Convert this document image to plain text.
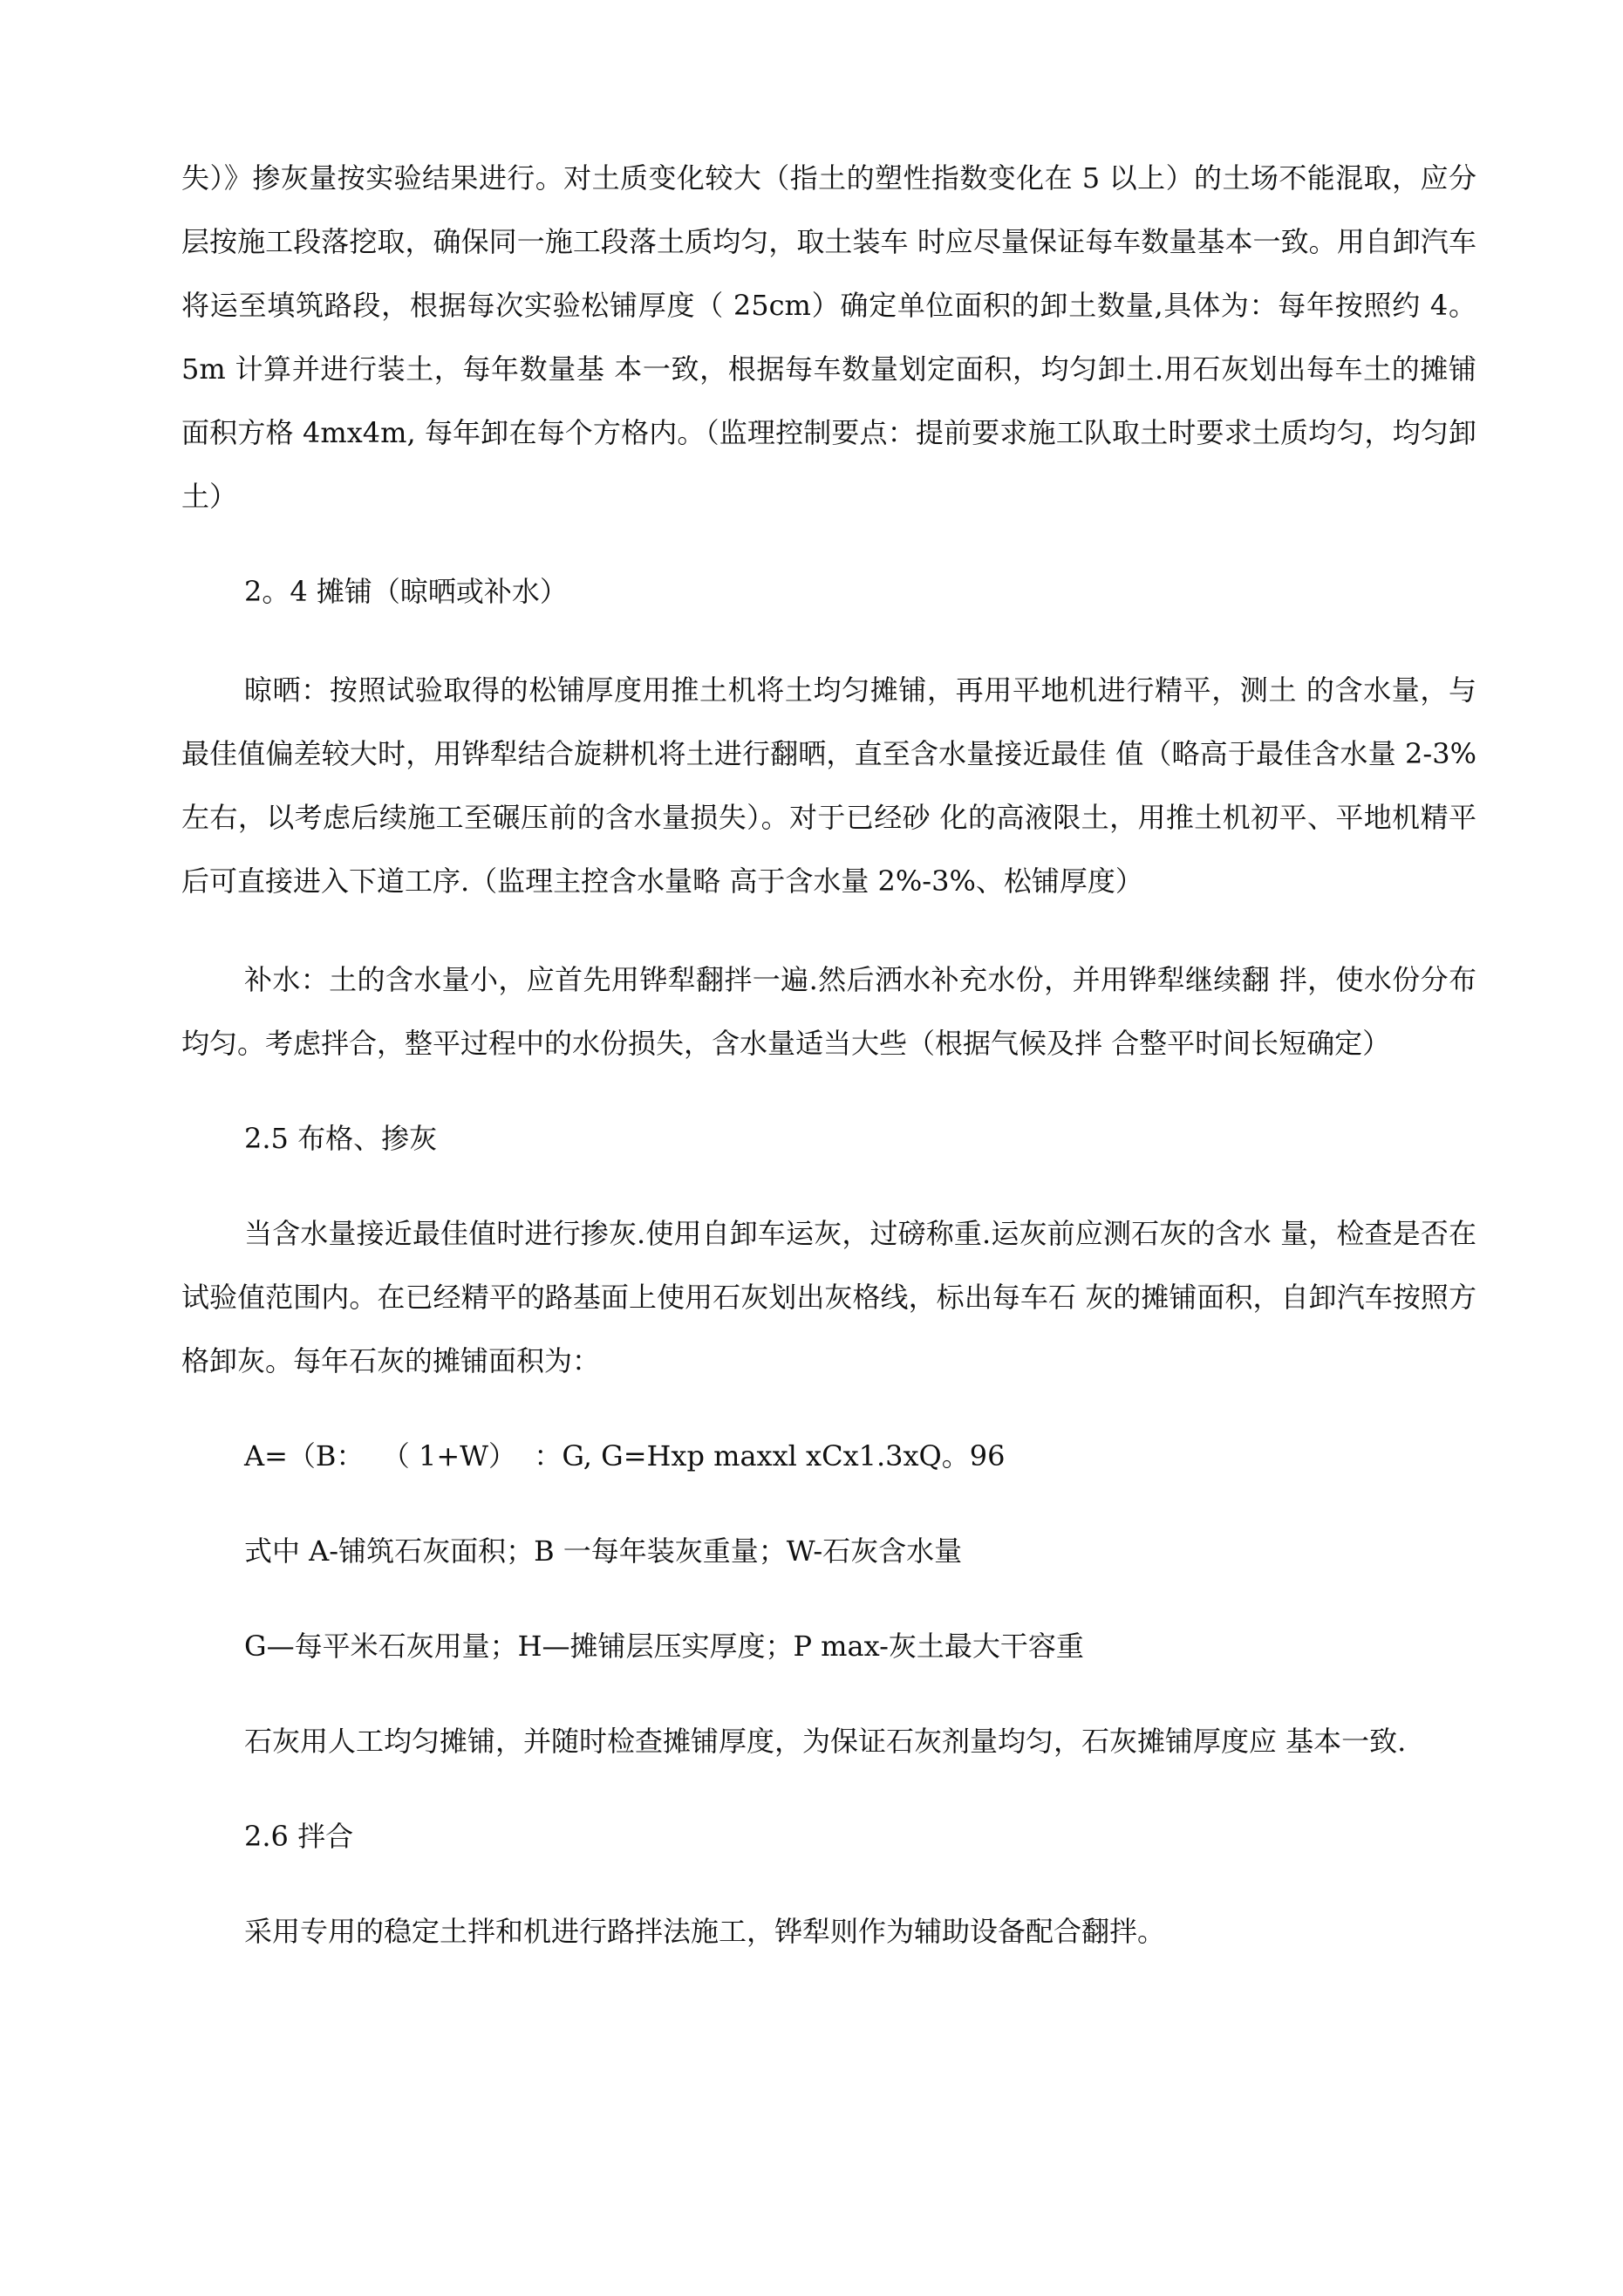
失）》掺灰量按实验结果进行。对土质变化较大（指土的塑性指数变化在 5 以上）的土场不能混取，应分层按施工段落挖取，确保同一施工段落土质均匀，取土装车 时应尽量保证每车数量基本一致。用自卸汽车将运至填筑路段，根据每次实验松铺厚度（ 25cm）确定单位面积的卸土数量,具体为：每年按照约 4。5m 计算并进行装土，每年数量基 本一致，根据每车数量划定面积，均匀卸土.用石灰划出每车土的摊铺面积方格 4mx4m, 每年卸在每个方格内。（监理控制要点：提前要求施工队取土时要求土质均匀，均匀卸土）

2。4 摊铺（晾晒或补水）

晾晒：按照试验取得的松铺厚度用推土机将土均匀摊铺，再用平地机进行精平，测土 的含水量，与最佳值偏差较大时，用铧犁结合旋耕机将土进行翻晒，直至含水量接近最佳 值（略高于最佳含水量 2-3%左右，以考虑后续施工至碾压前的含水量损失）。对于已经砂 化的高液限土，用推土机初平、平地机精平后可直接进入下道工序.（监理主控含水量略 高于含水量 2%-3%、松铺厚度）

补水：土的含水量小，应首先用铧犁翻拌一遍.然后洒水补充水份，并用铧犁继续翻 拌，使水份分布均匀。考虑拌合，整平过程中的水份损失，含水量适当大些（根据气候及拌 合整平时间长短确定）

2.5 布格、掺灰

当含水量接近最佳值时进行掺灰.使用自卸车运灰，过磅称重.运灰前应测石灰的含水 量，检查是否在试验值范围内。在已经精平的路基面上使用石灰划出灰格线，标出每车石 灰的摊铺面积，自卸汽车按照方格卸灰。每年石灰的摊铺面积为：

A=（B：  （ 1+W）  ：G, G=Hxp maxxl xCx1.3xQ。96

式中 A-铺筑石灰面积；B 一每年装灰重量；W-石灰含水量

G—每平米石灰用量；H—摊铺层压实厚度；P max-灰土最大干容重

石灰用人工均匀摊铺，并随时检查摊铺厚度，为保证石灰剂量均匀，石灰摊铺厚度应 基本一致.

2.6 拌合

采用专用的稳定土拌和机进行路拌法施工，铧犁则作为辅助设备配合翻拌。
